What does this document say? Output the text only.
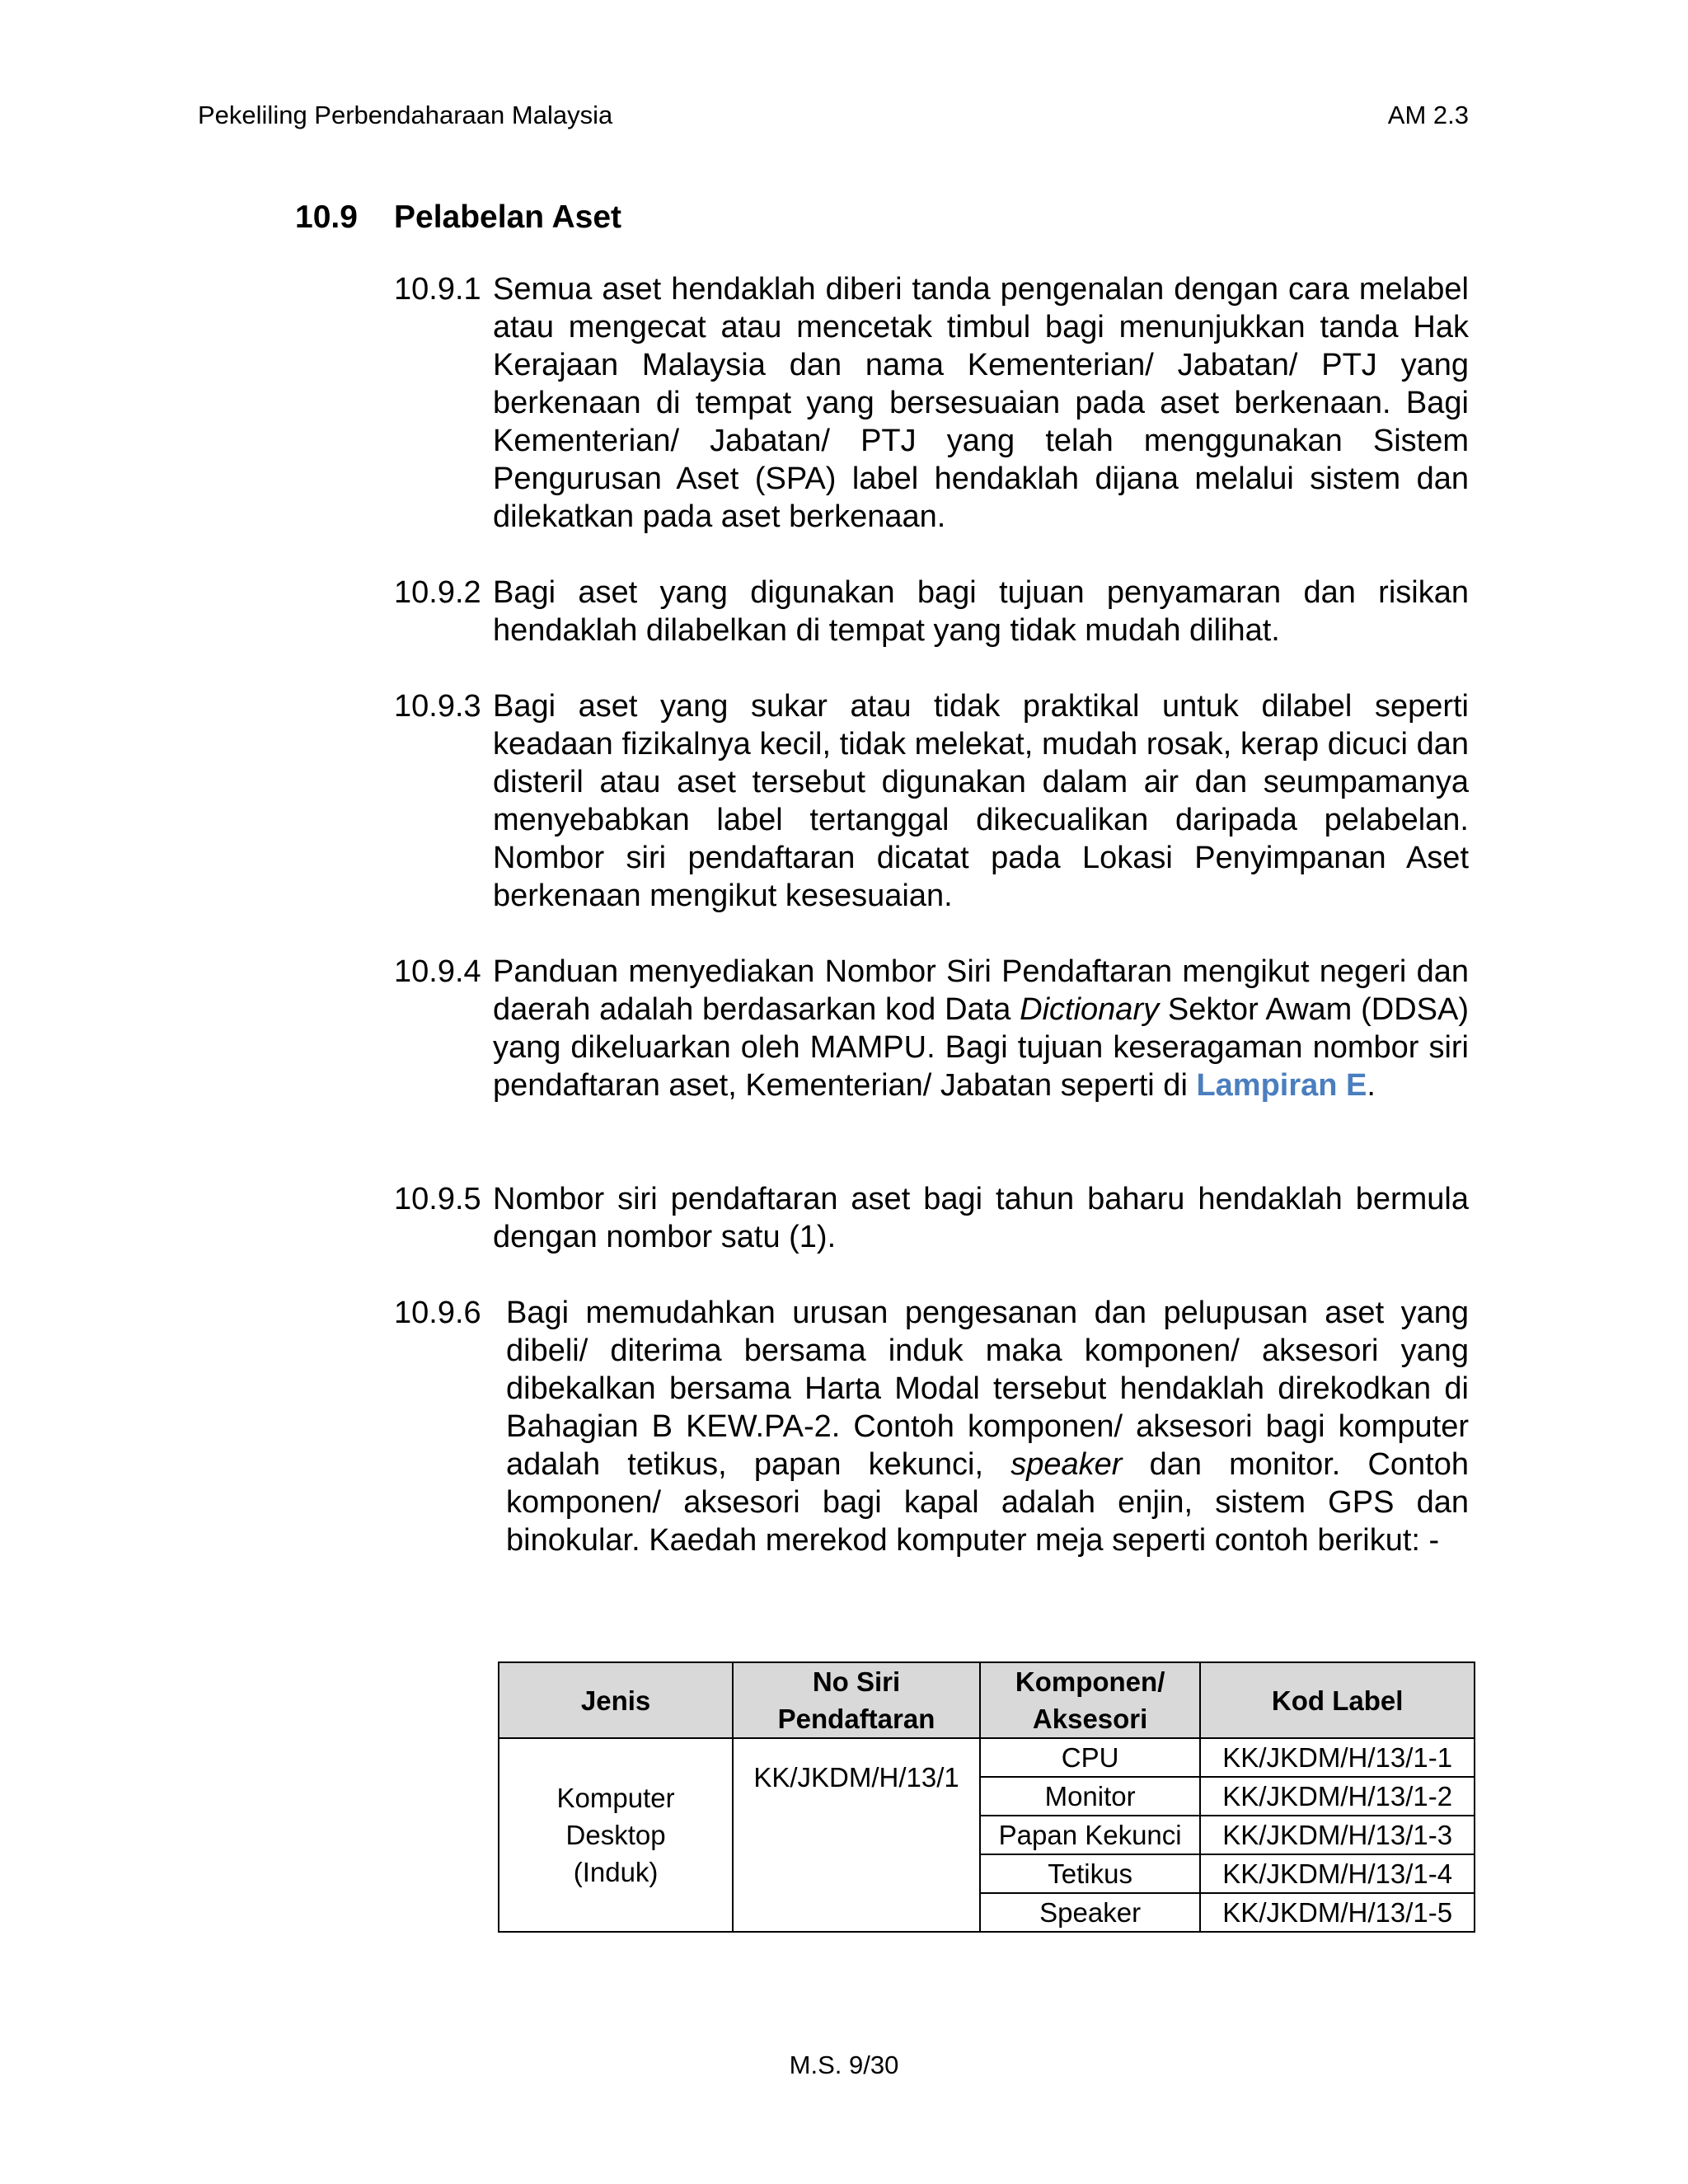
Pekeliling Perbendaharaan Malaysia	AM 2.3
10.9	Pelabelan Aset
10.9.1 Semua aset hendaklah diberi tanda pengenalan dengan cara melabel atau mengecat atau mencetak timbul bagi menunjukkan tanda Hak Kerajaan Malaysia dan nama Kementerian/ Jabatan/ PTJ yang berkenaan di tempat yang bersesuaian pada aset berkenaan. Bagi Kementerian/ Jabatan/ PTJ yang telah menggunakan Sistem Pengurusan Aset (SPA) label hendaklah dijana melalui sistem dan dilekatkan pada aset berkenaan.
10.9.2 Bagi aset yang digunakan bagi tujuan penyamaran dan risikan hendaklah dilabelkan di tempat yang tidak mudah dilihat.
10.9.3 Bagi aset yang sukar atau tidak praktikal untuk dilabel seperti keadaan fizikalnya kecil, tidak melekat, mudah rosak, kerap dicuci dan disteril atau aset tersebut digunakan dalam air dan seumpamanya menyebabkan label tertanggal dikecualikan daripada pelabelan. Nombor siri pendaftaran dicatat pada Lokasi Penyimpanan Aset berkenaan mengikut kesesuaian.
10.9.4 Panduan menyediakan Nombor Siri Pendaftaran mengikut negeri dan daerah adalah berdasarkan kod Data Dictionary Sektor Awam (DDSA) yang dikeluarkan oleh MAMPU. Bagi tujuan keseragaman nombor siri pendaftaran aset, Kementerian/ Jabatan seperti di Lampiran E.
10.9.5 Nombor siri pendaftaran aset bagi tahun baharu hendaklah bermula dengan nombor satu (1).
10.9.6 Bagi memudahkan urusan pengesanan dan pelupusan aset yang dibeli/ diterima bersama induk maka komponen/ aksesori yang dibekalkan bersama Harta Modal tersebut hendaklah direkodkan di Bahagian B KEW.PA-2. Contoh komponen/ aksesori bagi komputer adalah tetikus, papan kekunci, speaker dan monitor. Contoh komponen/ aksesori bagi kapal adalah enjin, sistem GPS dan binokular. Kaedah merekod komputer meja seperti contoh berikut: -
Jenis	No Siri Pendaftaran	Komponen/ Aksesori	Kod Label

Komputer
Desktop
(Induk)	KK/JKDM/H/13/1	CPU	KK/JKDM/H/13/1-1
		Monitor	KK/JKDM/H/13/1-2
		Papan Kekunci	KK/JKDM/H/13/1-3
		Tetikus	KK/JKDM/H/13/1-4
		Speaker	KK/JKDM/H/13/1-5
M.S. 9/30
